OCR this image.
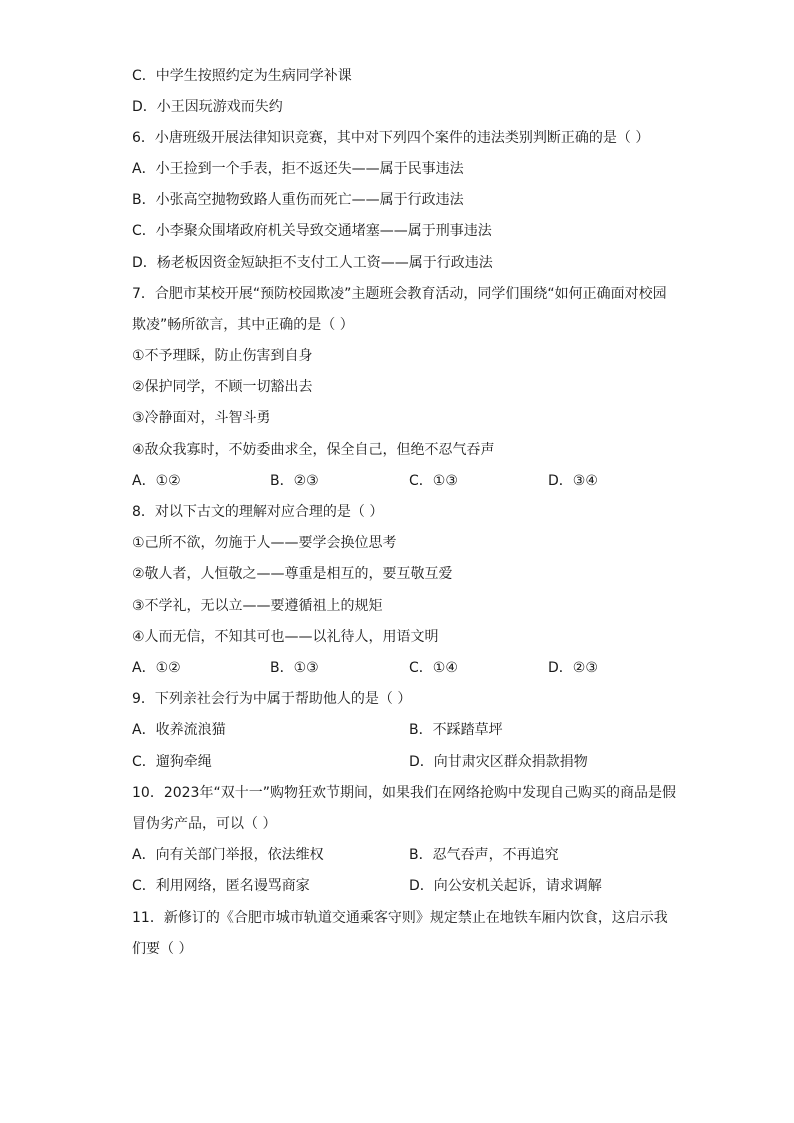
C．中学生按照约定为生病同学补课
D．小王因玩游戏而失约
6．小唐班级开展法律知识竞赛，其中对下列四个案件的违法类别判断正确的是（ ）
A．小王捡到一个手表，拒不返还失——属于民事违法
B．小张高空抛物致路人重伤而死亡——属于行政违法
C．小李聚众围堵政府机关导致交通堵塞——属于刑事违法
D．杨老板因资金短缺拒不支付工人工资——属于行政违法
7．合肥市某校开展“预防校园欺凌”主题班会教育活动，同学们围绕“如何正确面对校园
欺凌”畅所欲言，其中正确的是（ ）
①不予理睬，防止伤害到自身
②保护同学，不顾一切豁出去
③冷静面对，斗智斗勇
④敌众我寡时，不妨委曲求全，保全自己，但绝不忍气吞声
A．①②	B．②③	C．①③	D．③④
8．对以下古文的理解对应合理的是（ ）
①己所不欲，勿施于人——要学会换位思考
②敬人者，人恒敬之——尊重是相互的，要互敬互爱
③不学礼，无以立——要遵循祖上的规矩
④人而无信，不知其可也——以礼待人，用语文明
A．①②	B．①③	C．①④	D．②③
9．下列亲社会行为中属于帮助他人的是（ ）
A．收养流浪猫	B．不踩踏草坪
C．遛狗牵绳	D．向甘肃灾区群众捐款捐物
10．2023年“双十一”购物狂欢节期间，如果我们在网络抢购中发现自己购买的商品是假
冒伪劣产品，可以（ ）
A．向有关部门举报，依法维权	B．忍气吞声，不再追究
C．利用网络，匿名谩骂商家	D．向公安机关起诉，请求调解
11．新修订的《合肥市城市轨道交通乘客守则》规定禁止在地铁车厢内饮食，这启示我
们要（ ）
